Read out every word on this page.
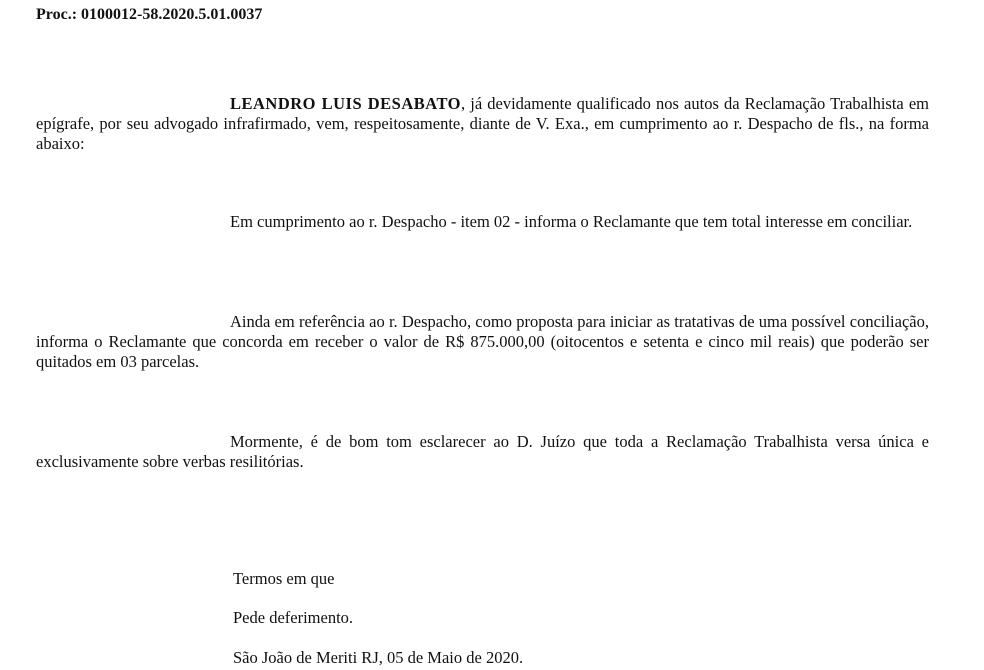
Proc.: 0100012-58.2020.5.01.0037

LEANDRO LUIS DESABATO, já devidamente qualificado nos autos da Reclamação Trabalhista em epígrafe, por seu advogado infrafirmado, vem, respeitosamente, diante de V. Exa., em cumprimento ao r. Despacho de fls., na forma abaixo:

Em cumprimento ao r. Despacho - item 02 - informa o Reclamante que tem total interesse em conciliar.

Ainda em referência ao r. Despacho, como proposta para iniciar as tratativas de uma possível conciliação, informa o Reclamante que concorda em receber o valor de R$ 875.000,00 (oitocentos e setenta e cinco mil reais) que poderão ser quitados em 03 parcelas.

Mormente, é de bom tom esclarecer ao D. Juízo que toda a Reclamação Trabalhista versa única e exclusivamente sobre verbas resilitórias.

Termos em que
Pede deferimento.
São João de Meriti RJ, 05 de Maio de 2020.
